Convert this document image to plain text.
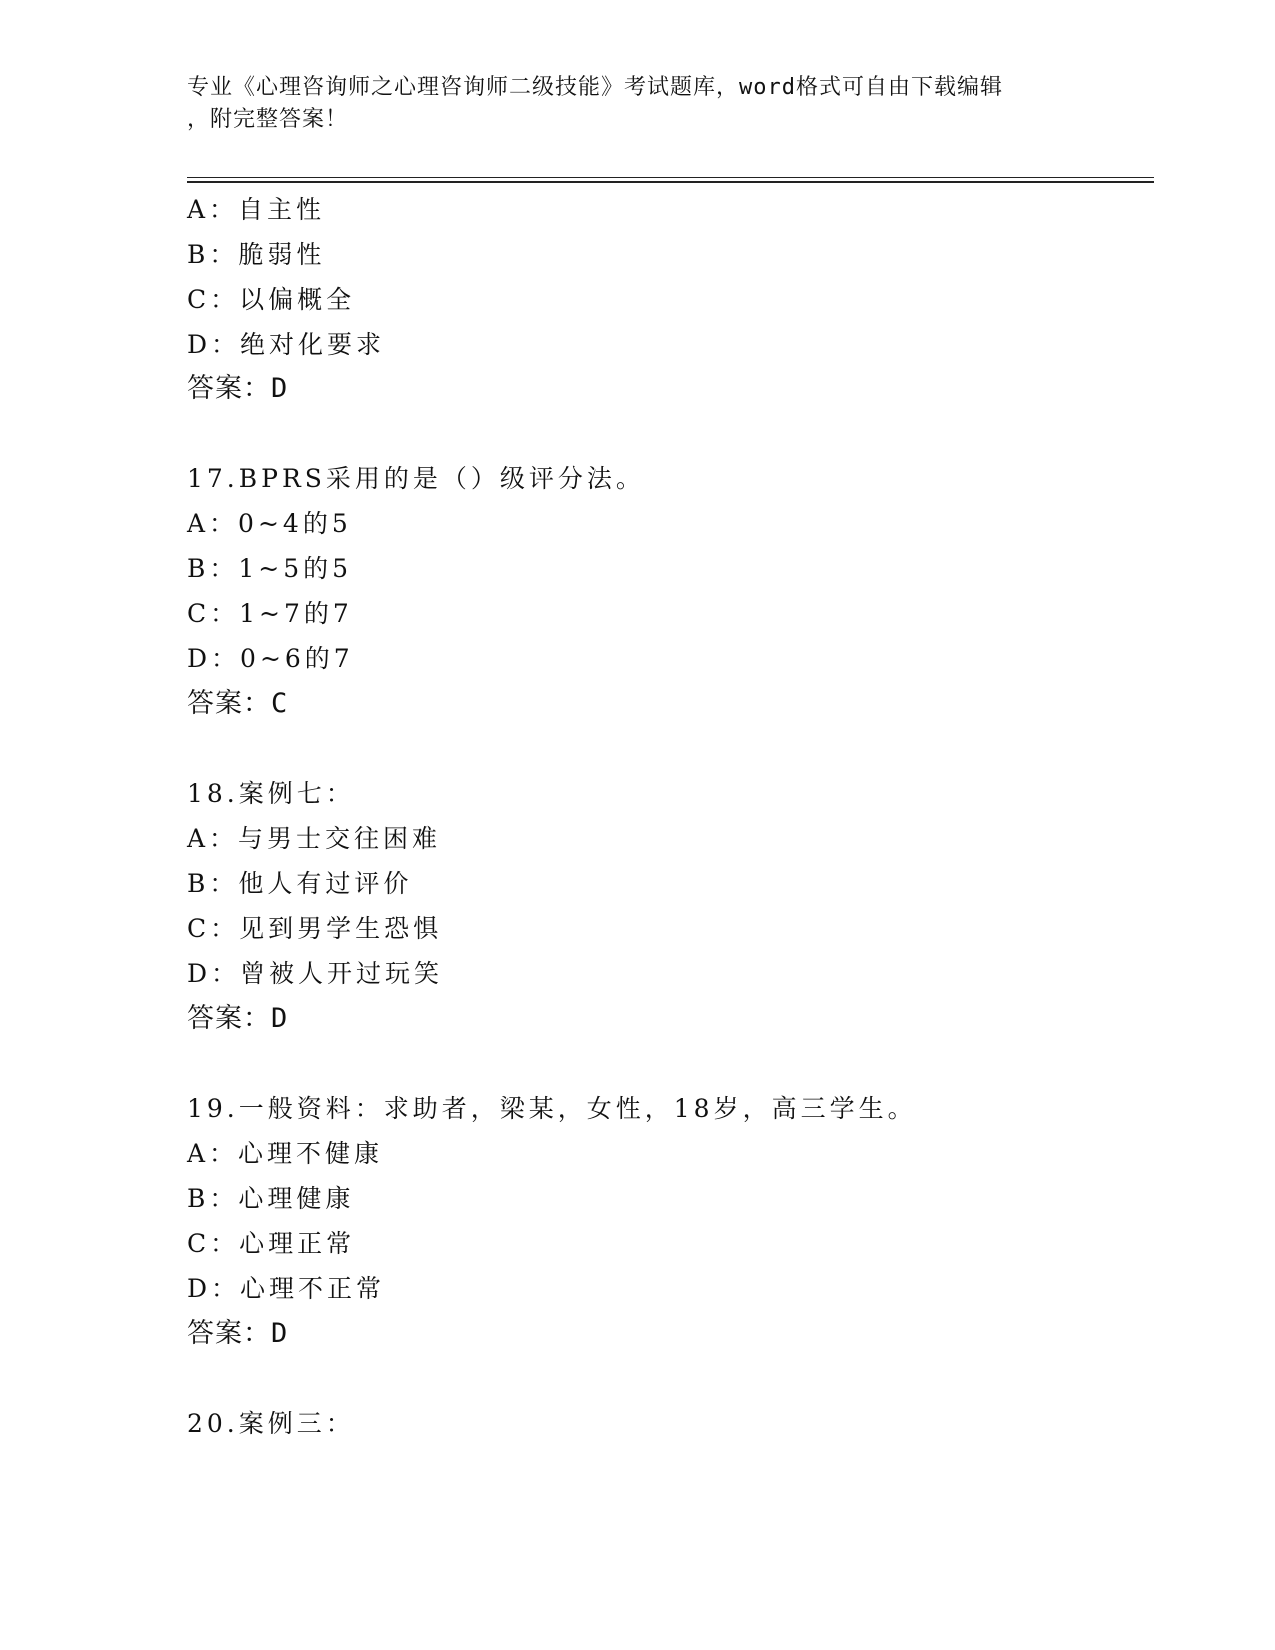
专业《心理咨询师之心理咨询师二级技能》考试题库，word格式可自由下载编辑
，附完整答案！
A：自主性
B：脆弱性
C：以偏概全
D：绝对化要求
答案：D
17.BPRS采用的是（）级评分法。
A：0~4的5
B：1~5的5
C：1~7的7
D：0~6的7
答案：C
18.案例七：
A：与男士交往困难
B：他人有过评价
C：见到男学生恐惧
D：曾被人开过玩笑
答案：D
19.一般资料：求助者，梁某，女性，18岁，高三学生。
A：心理不健康
B：心理健康
C：心理正常
D：心理不正常
答案：D
20.案例三：
